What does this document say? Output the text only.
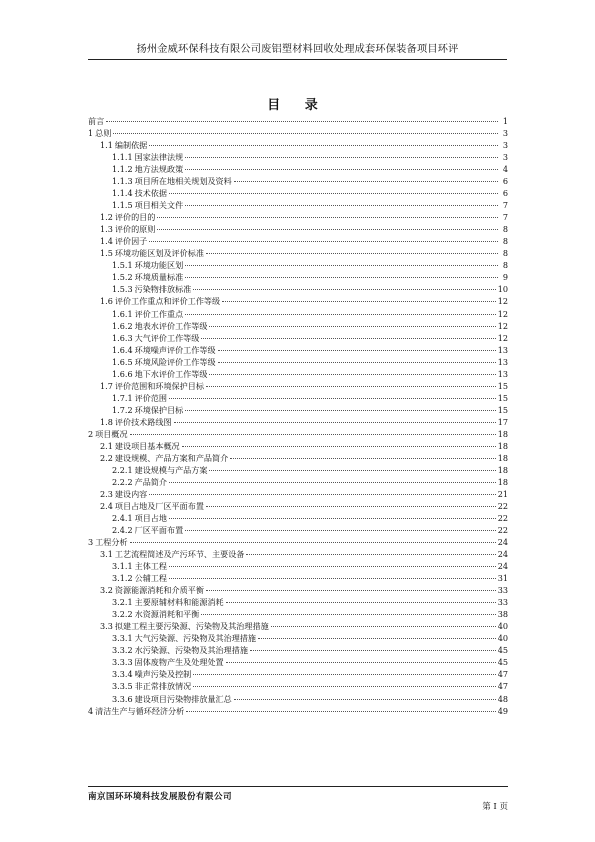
扬州金威环保科技有限公司废铝塑材料回收处理成套环保装备项目环评
目 录
前言	1
1 总则	3
1.1 编制依据	3
1.1.1 国家法律法规	3
1.1.2 地方法规政策	4
1.1.3 项目所在地相关规划及资料	6
1.1.4 技术依据	6
1.1.5 项目相关文件	7
1.2 评价的目的	7
1.3 评价的原则	8
1.4 评价因子	8
1.5 环境功能区划及评价标准	8
1.5.1 环境功能区划	8
1.5.2 环境质量标准	9
1.5.3 污染物排放标准	10
1.6 评价工作重点和评价工作等级	12
1.6.1 评价工作重点	12
1.6.2 地表水评价工作等级	12
1.6.3 大气评价工作等级	12
1.6.4 环境噪声评价工作等级	13
1.6.5 环境风险评价工作等级	13
1.6.6 地下水评价工作等级	13
1.7 评价范围和环境保护目标	15
1.7.1 评价范围	15
1.7.2 环境保护目标	15
1.8 评价技术路线图	17
2 项目概况	18
2.1 建设项目基本概况	18
2.2 建设规模、产品方案和产品简介	18
2.2.1 建设规模与产品方案	18
2.2.2 产品简介	18
2.3 建设内容	21
2.4 项目占地及厂区平面布置	22
2.4.1 项目占地	22
2.4.2 厂区平面布置	22
3 工程分析	24
3.1 工艺流程简述及产污环节、主要设备	24
3.1.1 主体工程	24
3.1.2 公辅工程	31
3.2 资源能源消耗和介质平衡	33
3.2.1 主要原辅材料和能源消耗	33
3.2.2 水资源消耗和平衡	38
3.3 拟建工程主要污染源、污染物及其治理措施	40
3.3.1 大气污染源、污染物及其治理措施	40
3.3.2 水污染源、污染物及其治理措施	45
3.3.3 固体废物产生及处理处置	45
3.3.4 噪声污染及控制	47
3.3.5 非正常排放情况	47
3.3.6 建设项目污染物排放量汇总	48
4 清洁生产与循环经济分析	49
南京国环环境科技发展股份有限公司
第 I 页
